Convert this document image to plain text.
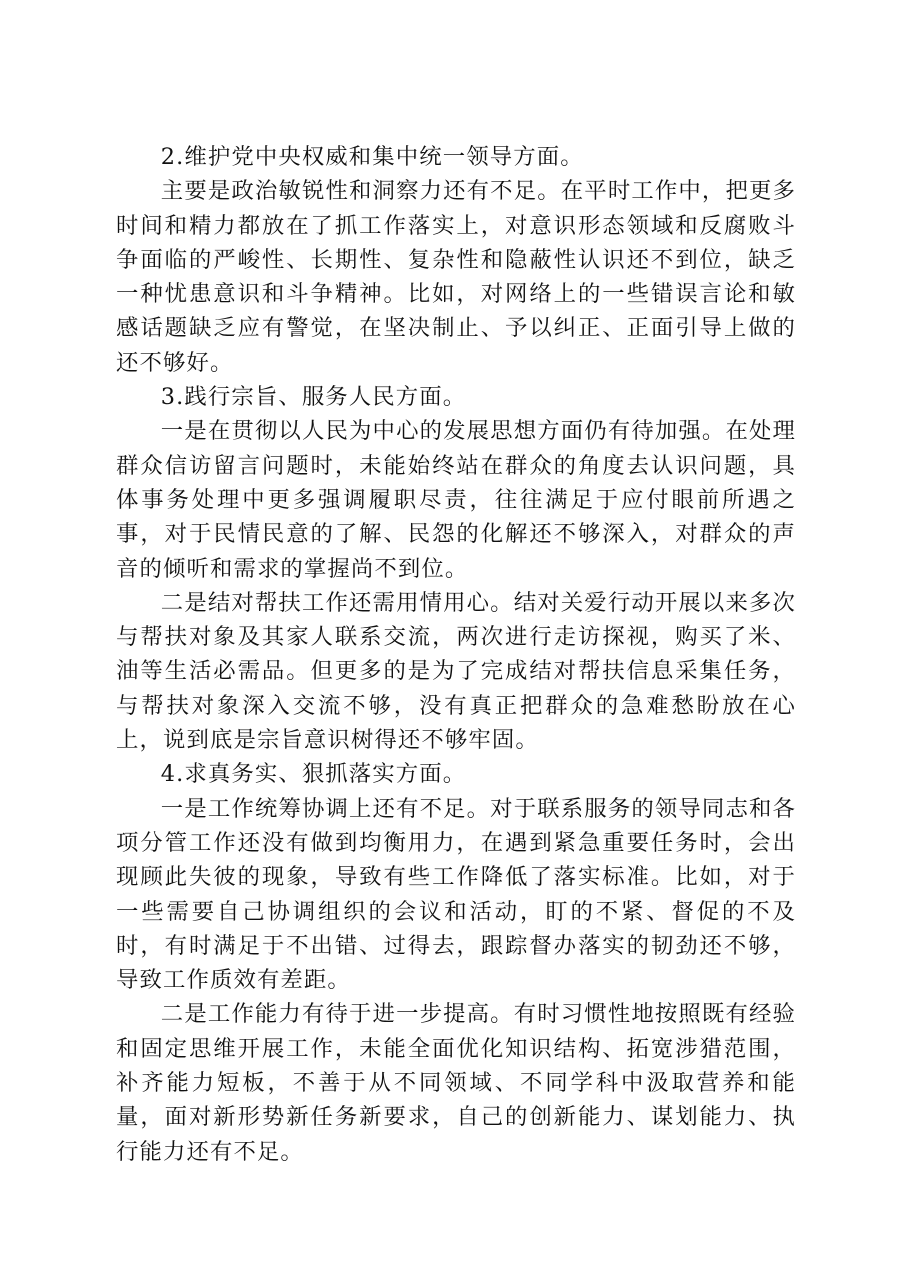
2.维护党中央权威和集中统一领导方面。

主要是政治敏锐性和洞察力还有不足。在平时工作中，把更多时间和精力都放在了抓工作落实上，对意识形态领域和反腐败斗争面临的严峻性、长期性、复杂性和隐蔽性认识还不到位，缺乏一种忧患意识和斗争精神。比如，对网络上的一些错误言论和敏感话题缺乏应有警觉，在坚决制止、予以纠正、正面引导上做的还不够好。

3.践行宗旨、服务人民方面。

一是在贯彻以人民为中心的发展思想方面仍有待加强。在处理群众信访留言问题时，未能始终站在群众的角度去认识问题，具体事务处理中更多强调履职尽责，往往满足于应付眼前所遇之事，对于民情民意的了解、民怨的化解还不够深入，对群众的声音的倾听和需求的掌握尚不到位。

二是结对帮扶工作还需用情用心。结对关爱行动开展以来多次与帮扶对象及其家人联系交流，两次进行走访探视，购买了米、油等生活必需品。但更多的是为了完成结对帮扶信息采集任务，与帮扶对象深入交流不够，没有真正把群众的急难愁盼放在心上，说到底是宗旨意识树得还不够牢固。

4.求真务实、狠抓落实方面。

一是工作统筹协调上还有不足。对于联系服务的领导同志和各项分管工作还没有做到均衡用力，在遇到紧急重要任务时，会出现顾此失彼的现象，导致有些工作降低了落实标准。比如，对于一些需要自己协调组织的会议和活动，盯的不紧、督促的不及时，有时满足于不出错、过得去，跟踪督办落实的韧劲还不够，导致工作质效有差距。

二是工作能力有待于进一步提高。有时习惯性地按照既有经验和固定思维开展工作，未能全面优化知识结构、拓宽涉猎范围，补齐能力短板，不善于从不同领域、不同学科中汲取营养和能量，面对新形势新任务新要求，自己的创新能力、谋划能力、执行能力还有不足。
